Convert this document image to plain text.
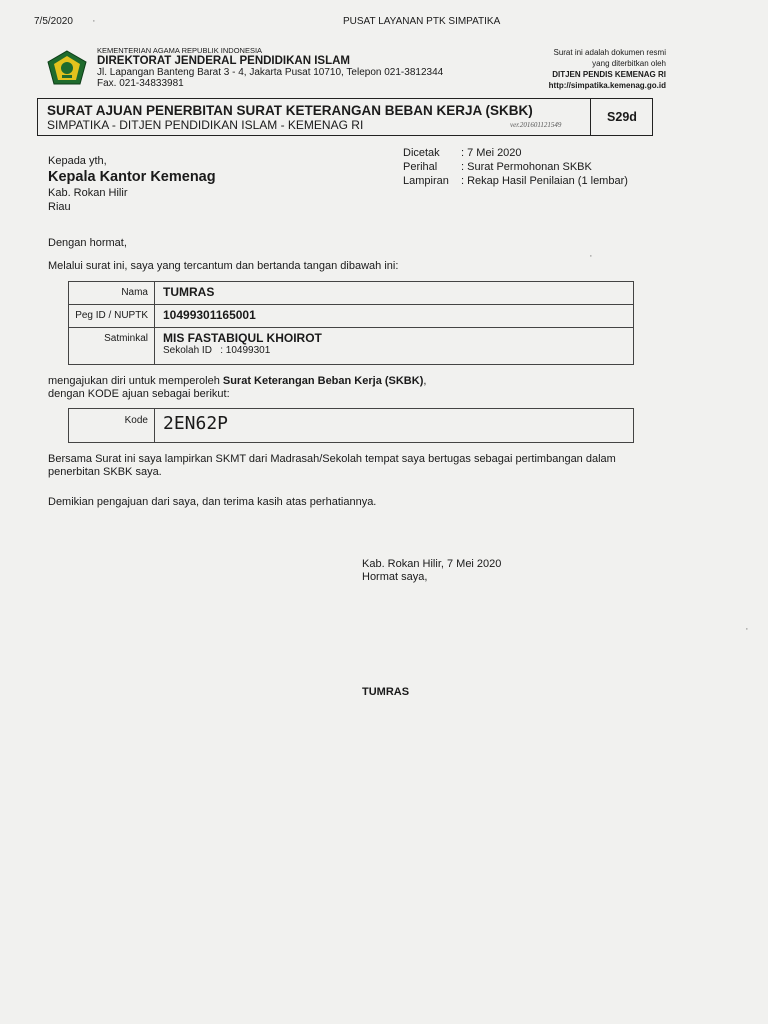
7/5/2020 ·	PUSAT LAYANAN PTK SIMPATIKA
KEMENTERIAN AGAMA REPUBLIK INDONESIA
DIREKTORAT JENDERAL PENDIDIKAN ISLAM
Jl. Lapangan Banteng Barat 3 - 4, Jakarta Pusat 10710, Telepon 021-3812344
Fax. 021-34833981
Surat ini adalah dokumen resmi
yang diterbitkan oleh
DITJEN PENDIS KEMENAG RI
http://simpatika.kemenag.go.id
SURAT AJUAN PENERBITAN SURAT KETERANGAN BEBAN KERJA (SKBK)
SIMPATIKA - DITJEN PENDIDIKAN ISLAM - KEMENAG RI	ver.201601121549
S29d
Kepada yth,
Kepala Kantor Kemenag
Kab. Rokan Hilir
Riau
Dicetak	: 7 Mei 2020
Perihal	: Surat Permohonan SKBK
Lampiran	: Rekap Hasil Penilaian (1 lembar)
Dengan hormat,
Melalui surat ini, saya yang tercantum dan bertanda tangan dibawah ini:
Nama	TUMRAS
Peg ID / NUPTK	10499301165001
Satminkal	MIS FASTABIQUL KHOIROT
Sekolah ID   : 10499301
mengajukan diri untuk memperoleh Surat Keterangan Beban Kerja (SKBK),
dengan KODE ajuan sebagai berikut:
Kode 2EN62P
Bersama Surat ini saya lampirkan SKMT dari Madrasah/Sekolah tempat saya bertugas sebagai pertimbangan dalam
penerbitan SKBK saya.
Demikian pengajuan dari saya, dan terima kasih atas perhatiannya.
Kab. Rokan Hilir, 7 Mei 2020
Hormat saya,
TUMRAS
·
·
